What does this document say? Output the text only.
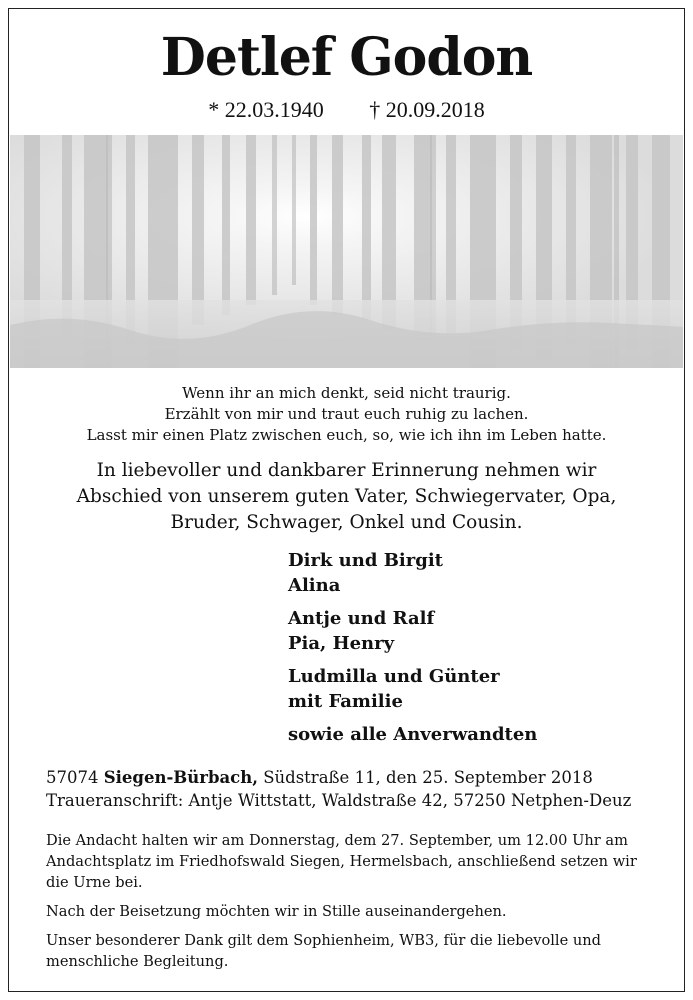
Detlef Godon
* 22.03.1940 † 20.09.2018
Wenn ihr an mich denkt, seid nicht traurig.
Erzählt von mir und traut euch ruhig zu lachen.
Lasst mir einen Platz zwischen euch, so, wie ich ihn im Leben hatte.
In liebevoller und dankbarer Erinnerung nehmen wir
Abschied von unserem guten Vater, Schwiegervater, Opa,
Bruder, Schwager, Onkel und Cousin.
Dirk und Birgit
Alina
Antje und Ralf
Pia, Henry
Ludmilla und Günter
mit Familie
sowie alle Anverwandten
57074 Siegen-Bürbach, Südstraße 11, den 25. September 2018
Traueranschrift: Antje Wittstatt, Waldstraße 42, 57250 Netphen-Deuz
Die Andacht halten wir am Donnerstag, dem 27. September, um 12.00 Uhr am Andachtsplatz im Friedhofswald Siegen, Hermelsbach, anschließend setzen wir die Urne bei.
Nach der Beisetzung möchten wir in Stille auseinandergehen.
Unser besonderer Dank gilt dem Sophienheim, WB3, für die liebevolle und menschliche Begleitung.
